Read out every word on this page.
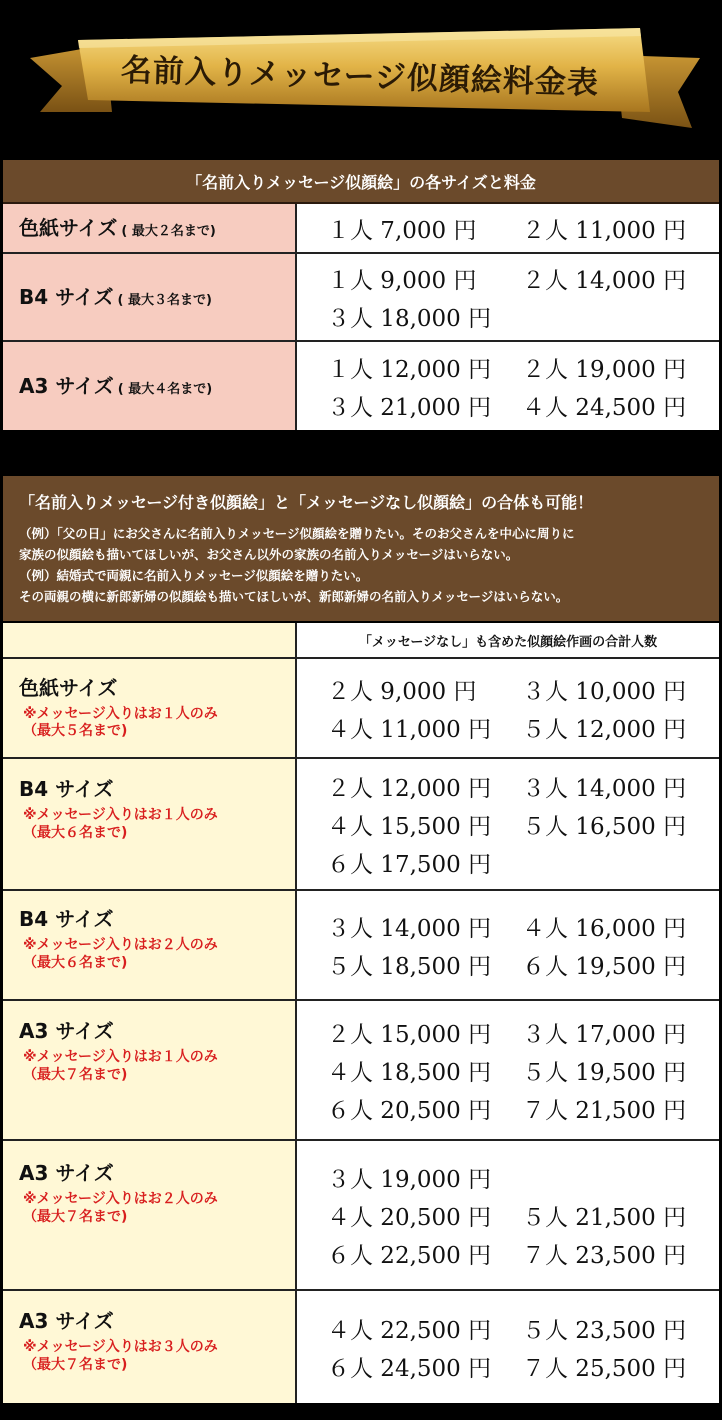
名前入りメッセージ似顔絵料金表
「名前入りメッセージ似顔絵」の各サイズと料金
色紙サイズ ( 最大２名まで)	１人 7,000 円	２人 11,000 円
B4 サイズ ( 最大３名まで)
１人 9,000 円	２人 14,000 円
３人 18,000 円
A3 サイズ ( 最大４名まで)
１人 12,000 円	２人 19,000 円
３人 21,000 円	４人 24,500 円
「名前入りメッセージ付き似顔絵」と「メッセージなし似顔絵」の合体も可能！
（例）「父の日」にお父さんに名前入りメッセージ似顔絵を贈りたい。そのお父さんを中心に周りに
家族の似顔絵も描いてほしいが、お父さん以外の家族の名前入りメッセージはいらない。
（例）結婚式で両親に名前入りメッセージ似顔絵を贈りたい。
その両親の横に新郎新婦の似顔絵も描いてほしいが、新郎新婦の名前入りメッセージはいらない。
「メッセージなし」も含めた似顔絵作画の合計人数
色紙サイズ
※メッセージ入りはお１人のみ
（最大５名まで)
２人 9,000 円	３人 10,000 円
４人 11,000 円	５人 12,000 円
B4 サイズ
※メッセージ入りはお１人のみ
（最大６名まで)
２人 12,000 円	３人 14,000 円
４人 15,500 円	５人 16,500 円
６人 17,500 円
B4 サイズ
※メッセージ入りはお２人のみ
（最大６名まで)
３人 14,000 円	４人 16,000 円
５人 18,500 円	６人 19,500 円
A3 サイズ
※メッセージ入りはお１人のみ
（最大７名まで)
２人 15,000 円	３人 17,000 円
４人 18,500 円	５人 19,500 円
６人 20,500 円	７人 21,500 円
A3 サイズ
※メッセージ入りはお２人のみ
（最大７名まで)
３人 19,000 円
４人 20,500 円	５人 21,500 円
６人 22,500 円	７人 23,500 円
A3 サイズ
※メッセージ入りはお３人のみ
（最大７名まで)
４人 22,500 円	５人 23,500 円
６人 24,500 円	７人 25,500 円
